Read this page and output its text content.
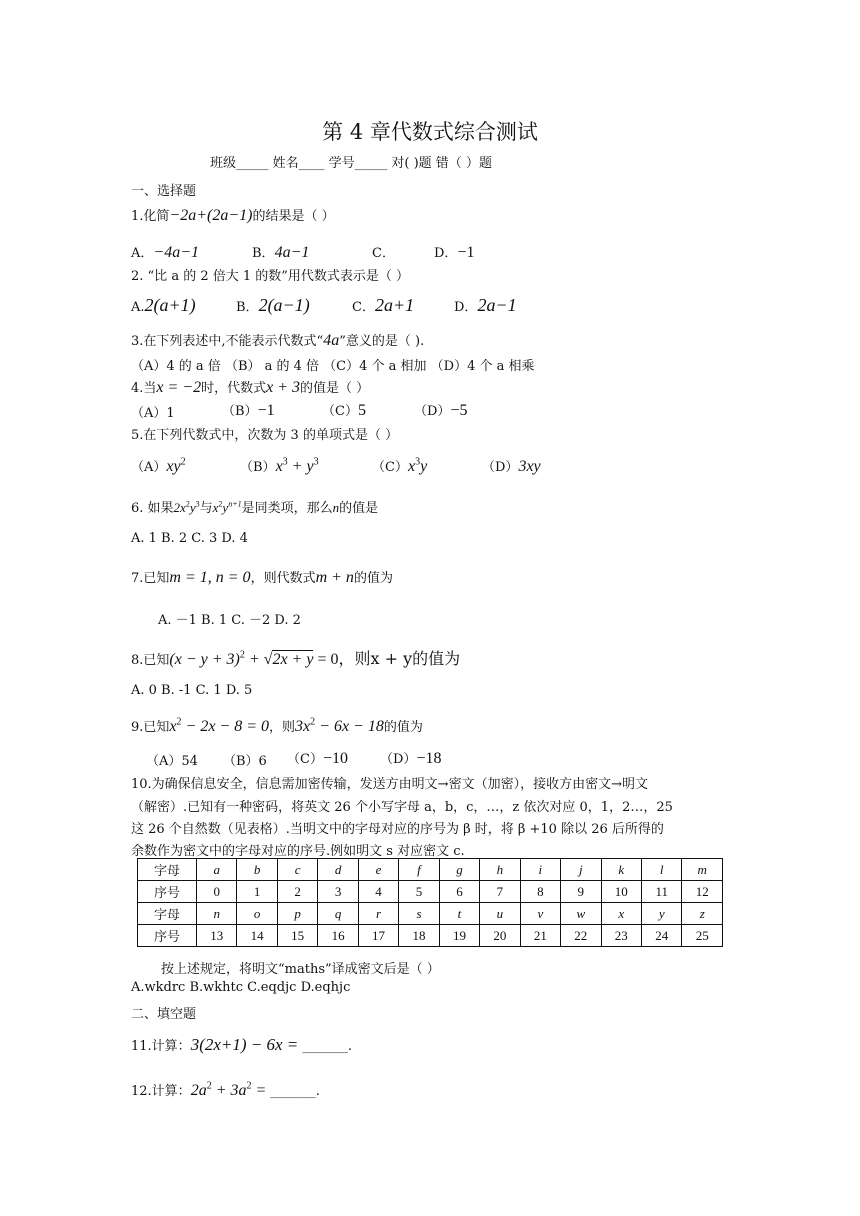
第 4 章代数式综合测试
班级_____ 姓名____ 学号_____ 对( )题 错（ ）题
一、选择题
1.化简−2a+(2a−1)的结果是（ ）
A．−4a−1	B．4a−1	C．	D．−1
2. “比 a 的 2 倍大 1 的数”用代数式表示是（ ）
A.2(a+1)	B．2(a−1)	C．2a+1	D．2a−1
3.在下列表述中,不能表示代数式“4a”意义的是（ ).
（A）4 的 a 倍 （B） a 的 4 倍 （C）4 个 a 相加 （D）4 个 a 相乘
4.当x = −2时，代数式x + 3的值是（ ）
（A）1	（B）−1	（C）5	（D）−5
5.在下列代数式中，次数为 3 的单项式是（ ）
$(A)xy^2$	$(B)x^3 + y^3$	$(C)x^3y$	（D）3xy
6. 如果$2x^2y^3$与$x^2y^{n+1}$是同类项，那么n的值是
A. 1 B. 2 C. 3 D. 4
7.已知m = 1, n = 0，则代数式m + n的值为
A. －1 B. 1 C. －2 D. 2
8.已知$(x - y + 3)^2 + √2x + y = 0$，则x + y的值为
A. 0 B. -1 C. 1 D. 5
9.已知$x^2 - 2x - 8 = 0$，则$3x^2 - 6x - 18$的值为
（A）54 （B）6 （C）−10 （D）−18
10.为确保信息安全，信息需加密传输，发送方由明文→密文（加密），接收方由密文→明文
（解密）.已知有一种密码，将英文 26 个小写字母 a，b，c，…，z 依次对应 0，1，2…，25
这 26 个自然数（见表格）.当明文中的字母对应的序号为 β 时，将 β +10 除以 26 后所得的
余数作为密文中的字母对应的序号.例如明文 s 对应密文 c.
字母	a	b	c	d	e	f	g	h	i	j	k	l	m
序号	0	1	2	3	4	5	6	7	8	9	10	11	12
字母	n	o	p	q	r	s	t	u	v	w	x	y	z
序号	13	14	15	16	17	18	19	20	21	22	23	24	25
按上述规定，将明文“maths”译成密文后是（ ）
A.wkdrc B.wkhtc C.eqdjc D.eqhjc
二、填空题
11.计算：3(2x+1) − 6x = _______.
12.计算：$2a^2 + 3a^2$ = _______.
